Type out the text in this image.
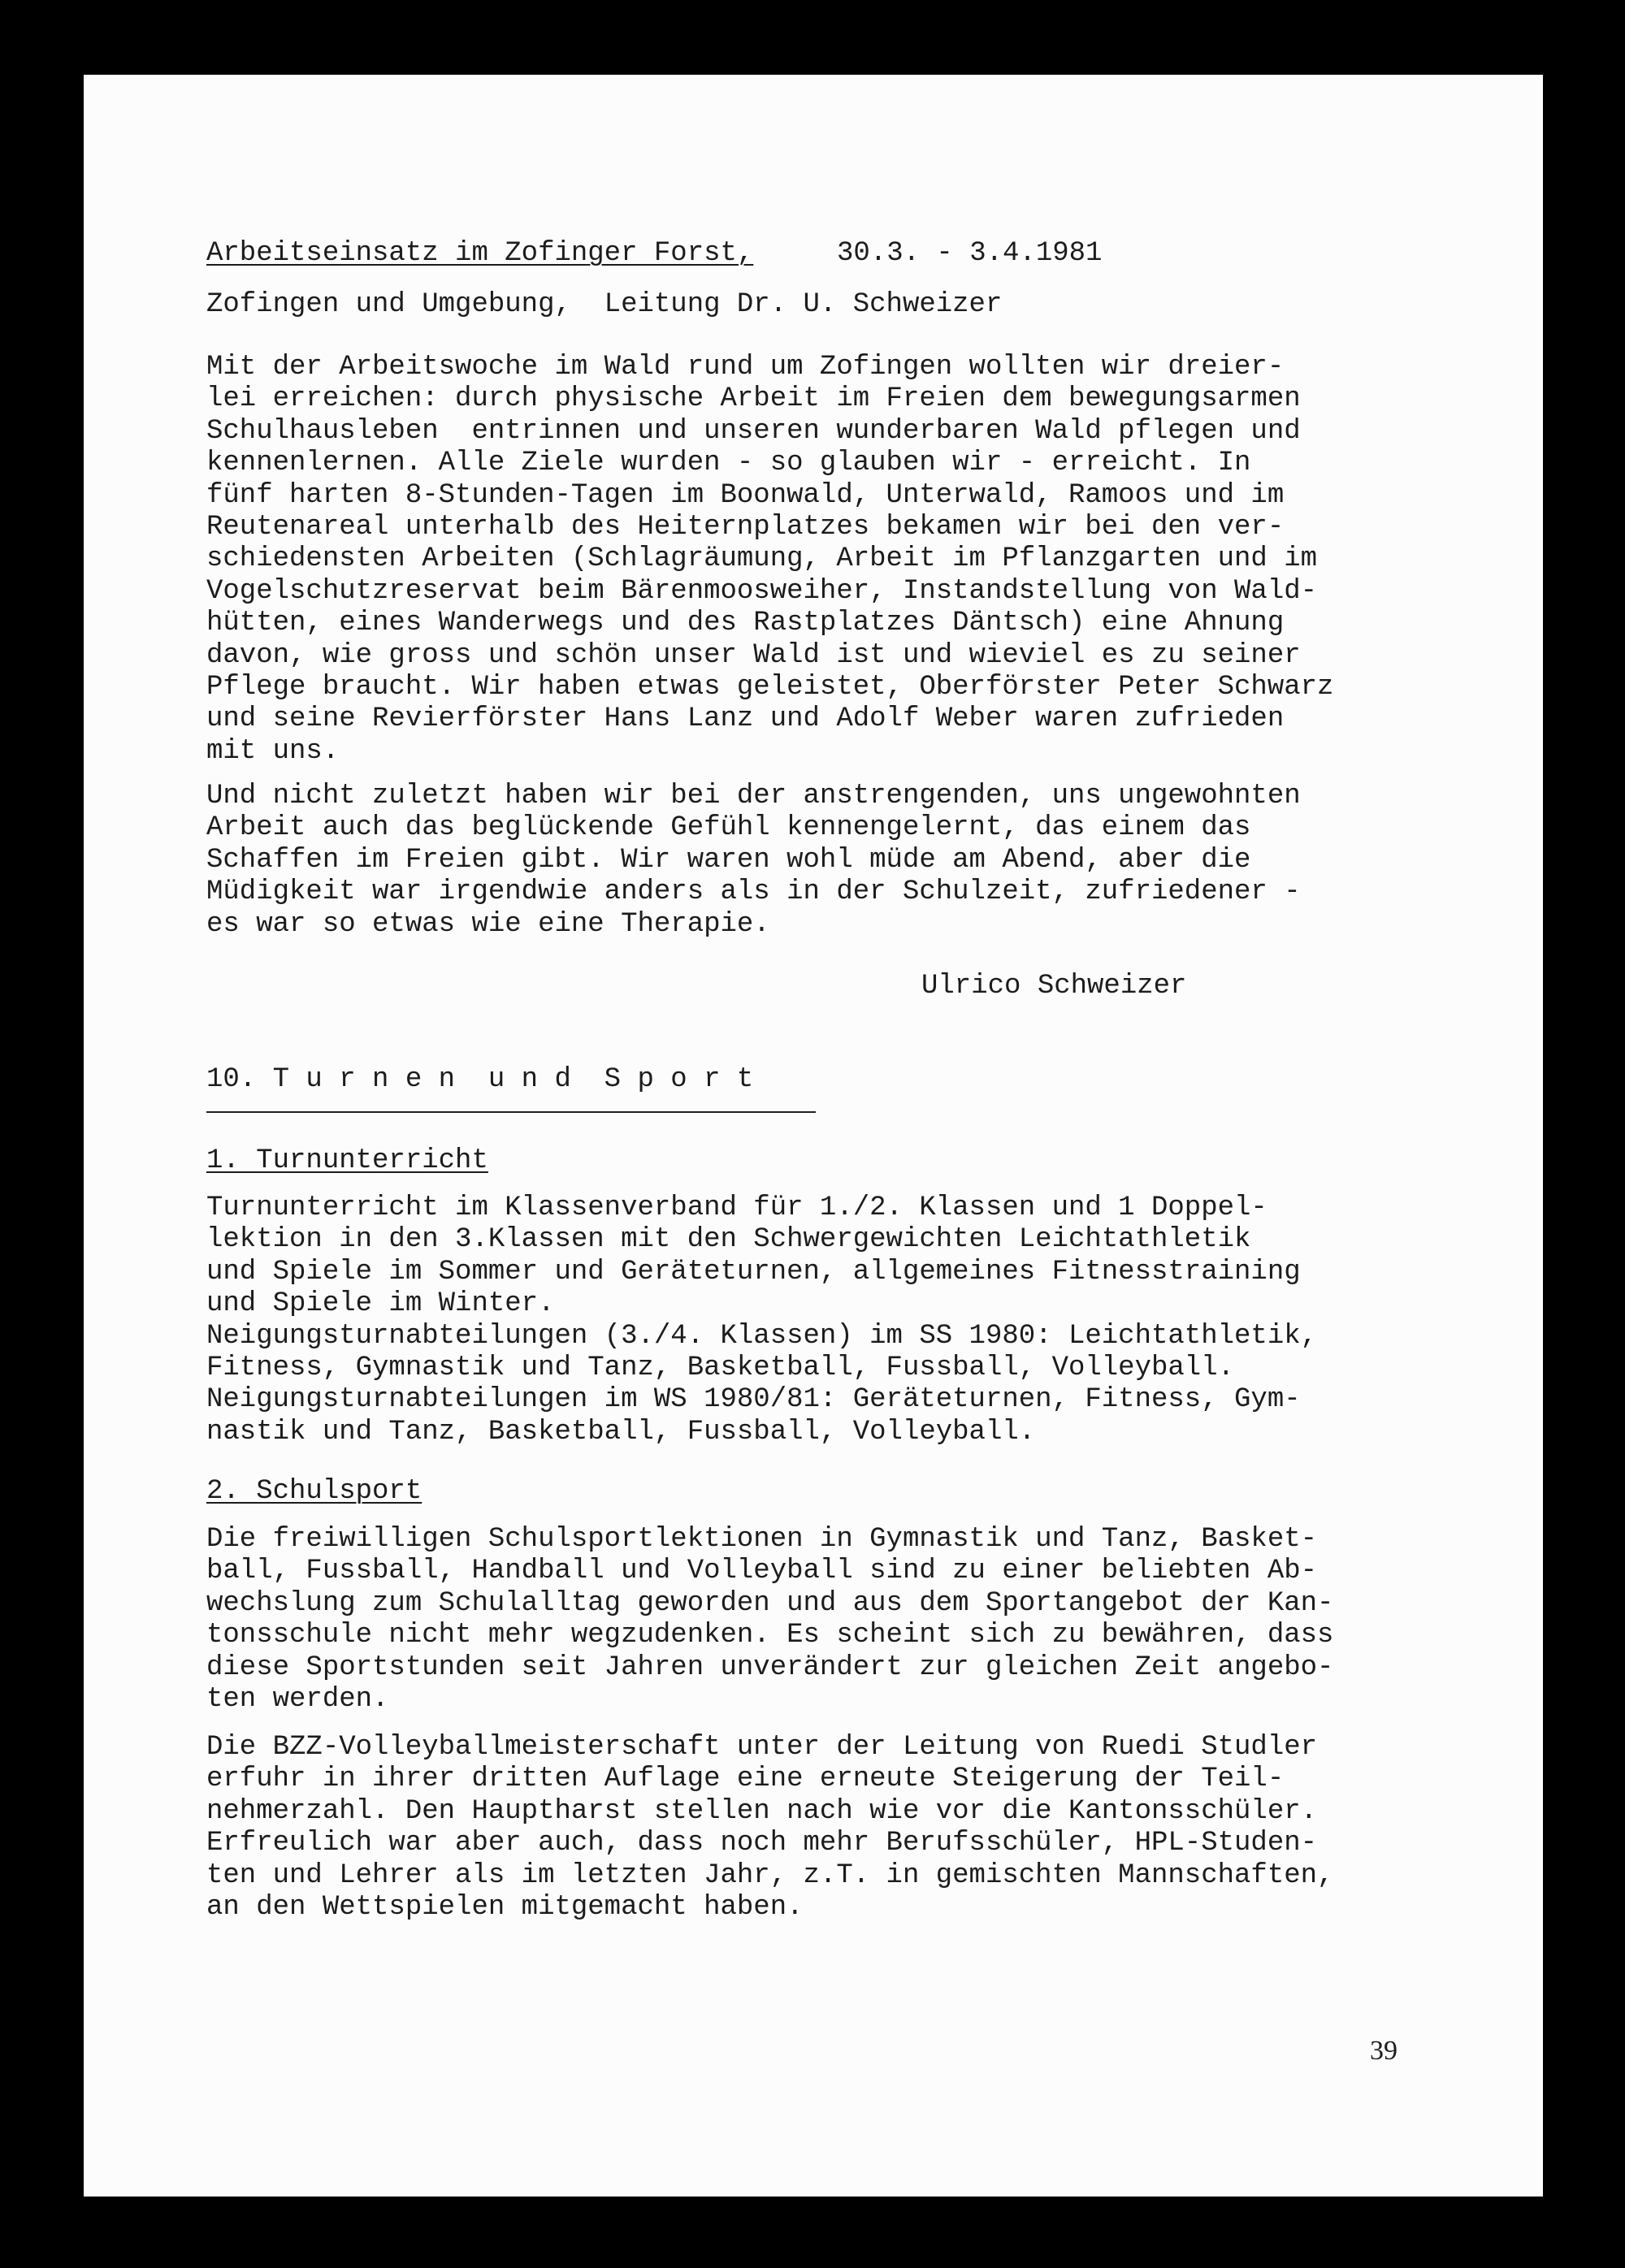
Arbeitseinsatz im Zofinger Forst,	30.3. - 3.4.1981

Zofingen und Umgebung,  Leitung Dr. U. Schweizer

Mit der Arbeitswoche im Wald rund um Zofingen wollten wir dreier-
lei erreichen: durch physische Arbeit im Freien dem bewegungsarmen
Schulhausleben  entrinnen und unseren wunderbaren Wald pflegen und
kennenlernen. Alle Ziele wurden - so glauben wir - erreicht. In
fünf harten 8-Stunden-Tagen im Boonwald, Unterwald, Ramoos und im
Reutenareal unterhalb des Heiternplatzes bekamen wir bei den ver-
schiedensten Arbeiten (Schlagräumung, Arbeit im Pflanzgarten und im
Vogelschutzreservat beim Bärenmoosweiher, Instandstellung von Wald-
hütten, eines Wanderwegs und des Rastplatzes Däntsch) eine Ahnung
davon, wie gross und schön unser Wald ist und wieviel es zu seiner
Pflege braucht. Wir haben etwas geleistet, Oberförster Peter Schwarz
und seine Revierförster Hans Lanz und Adolf Weber waren zufrieden
mit uns.

Und nicht zuletzt haben wir bei der anstrengenden, uns ungewohnten
Arbeit auch das beglückende Gefühl kennengelernt, das einem das
Schaffen im Freien gibt. Wir waren wohl müde am Abend, aber die
Müdigkeit war irgendwie anders als in der Schulzeit, zufriedener -
es war so etwas wie eine Therapie.

Ulrico Schweizer

10. T u r n e n  u n d  S p o r t

1. Turnunterricht

Turnunterricht im Klassenverband für 1./2. Klassen und 1 Doppel-
lektion in den 3.Klassen mit den Schwergewichten Leichtathletik
und Spiele im Sommer und Geräteturnen, allgemeines Fitnesstraining
und Spiele im Winter.
Neigungsturnabteilungen (3./4. Klassen) im SS 1980: Leichtathletik,
Fitness, Gymnastik und Tanz, Basketball, Fussball, Volleyball.
Neigungsturnabteilungen im WS 1980/81: Geräteturnen, Fitness, Gym-
nastik und Tanz, Basketball, Fussball, Volleyball.

2. Schulsport

Die freiwilligen Schulsportlektionen in Gymnastik und Tanz, Basket-
ball, Fussball, Handball und Volleyball sind zu einer beliebten Ab-
wechslung zum Schulalltag geworden und aus dem Sportangebot der Kan-
tonsschule nicht mehr wegzudenken. Es scheint sich zu bewähren, dass
diese Sportstunden seit Jahren unverändert zur gleichen Zeit angebo-
ten werden.

Die BZZ-Volleyballmeisterschaft unter der Leitung von Ruedi Studler
erfuhr in ihrer dritten Auflage eine erneute Steigerung der Teil-
nehmerzahl. Den Hauptharst stellen nach wie vor die Kantonsschüler.
Erfreulich war aber auch, dass noch mehr Berufsschüler, HPL-Studen-
ten und Lehrer als im letzten Jahr, z.T. in gemischten Mannschaften,
an den Wettspielen mitgemacht haben.

39
